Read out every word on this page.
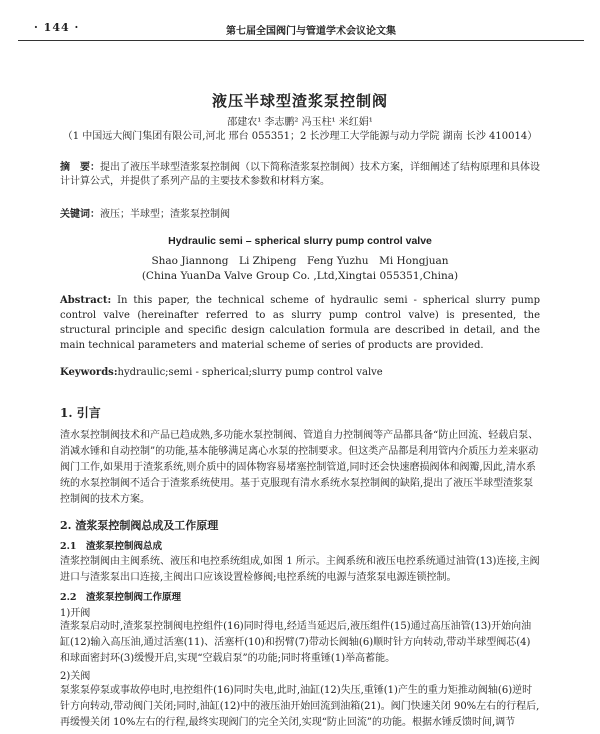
· 144 ·	第七届全国阀门与管道学术会议论文集
液压半球型渣浆泵控制阀
邵建农¹ 李志鹏² 冯玉柱¹ 米红娟¹
（1 中国远大阀门集团有限公司,河北 邢台 055351；2 长沙理工大学能源与动力学院 湖南 长沙 410014）
摘　要：提出了液压半球型渣浆泵控制阀（以下简称渣浆泵控制阀）技术方案，详细阐述了结构原理和具体设计计算公式，并提供了系列产品的主要技术参数和材料方案。
关键词：液压；半球型；渣浆泵控制阀
Hydraulic semi – spherical slurry pump control valve
Shao Jiannong　Li Zhipeng　Feng Yuzhu　Mi Hongjuan
(China YuanDa Valve Group Co. ,Ltd,Xingtai 055351,China)
Abstract: In this paper, the technical scheme of hydraulic semi - spherical slurry pump control valve (hereinafter referred to as slurry pump control valve) is presented, the structural principle and specific design calculation formula are described in detail, and the main technical parameters and material scheme of series of products are provided.
Keywords:hydraulic;semi - spherical;slurry pump control valve
1. 引言
渣水泵控制阀技术和产品已趋成熟,多功能水泵控制阀、管道自力控制阀等产品都具备“防止回流、轻载启泵、消减水锤和自动控制”的功能,基本能够满足离心水泵的控制要求。但这类产品都是利用管内介质压力差来驱动阀门工作,如果用于渣浆系统,则介质中的固体物容易堵塞控制管道,同时还会快速磨损阀体和阀瓣,因此,清水系统的水泵控制阀不适合于渣浆系统使用。基于克服现有清水系统水泵控制阀的缺陷,提出了液压半球型渣浆泵控制阀的技术方案。
2. 渣浆泵控制阀总成及工作原理
2.1　渣浆泵控制阀总成
渣浆控制阀由主阀系统、液压和电控系统组成,如图 1 所示。主阀系统和液压电控系统通过油管(13)连接,主阀进口与渣浆泵出口连接,主阀出口应该设置检修阀;电控系统的电源与渣浆泵电源连锁控制。
2.2　渣浆泵控制阀工作原理
1)开阀
渣浆泵启动时,渣浆泵控制阀电控组件(16)同时得电,经适当延迟后,液压组件(15)通过高压油管(13)开始向油缸(12)输入高压油,通过活塞(11)、活塞杆(10)和拐臂(7)带动长阀轴(6)顺时针方向转动,带动半球型阀芯(4)和球面密封环(3)缓慢开启,实现“空载启泵”的功能;同时将重锤(1)举高蓄能。
2)关阀
泵浆泵停泵或事故停电时,电控组件(16)同时失电,此时,油缸(12)失压,重锤(1)产生的重力矩推动阀轴(6)逆时针方向转动,带动阀门关闭;同时,油缸(12)中的液压油开始回流到油箱(21)。阀门快速关闭 90%左右的行程后,再缓慢关闭 10%左右的行程,最终实现阀门的完全关闭,实现“防止回流”的功能。根据水锤反馈时间,调节
